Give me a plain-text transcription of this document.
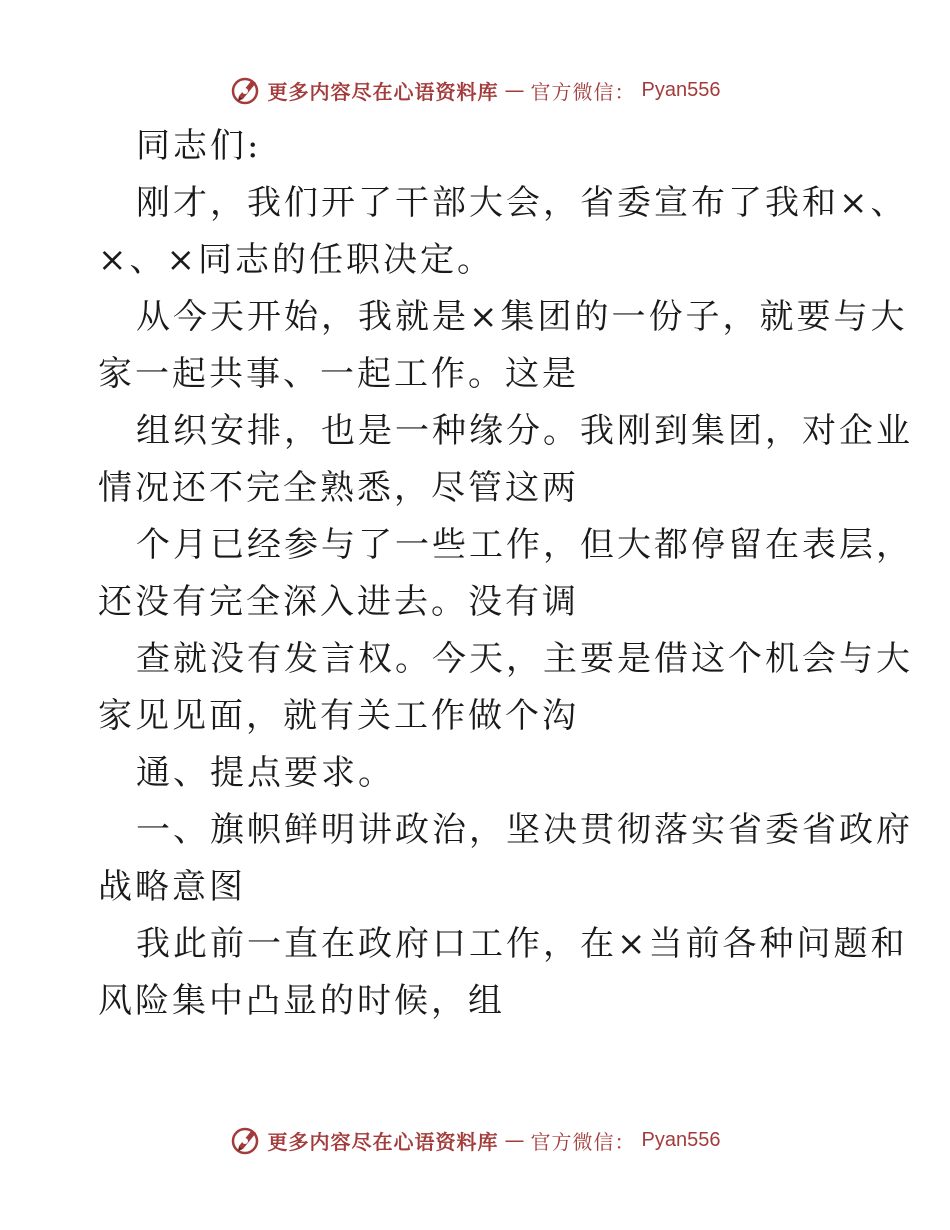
更多内容尽在心语资料库 — 官方微信： Pyan556
同志们:
刚才，我们开了干部大会，省委宣布了我和×、
×、×同志的任职决定。
从今天开始，我就是×集团的一份子，就要与大
家一起共事、一起工作。这是
组织安排，也是一种缘分。我刚到集团，对企业
情况还不完全熟悉，尽管这两
个月已经参与了一些工作，但大都停留在表层，
还没有完全深入进去。没有调
查就没有发言权。今天，主要是借这个机会与大
家见见面，就有关工作做个沟
通、提点要求。
一、旗帜鲜明讲政治，坚决贯彻落实省委省政府
战略意图
我此前一直在政府口工作，在×当前各种问题和
风险集中凸显的时候，组
更多内容尽在心语资料库 — 官方微信： Pyan556
